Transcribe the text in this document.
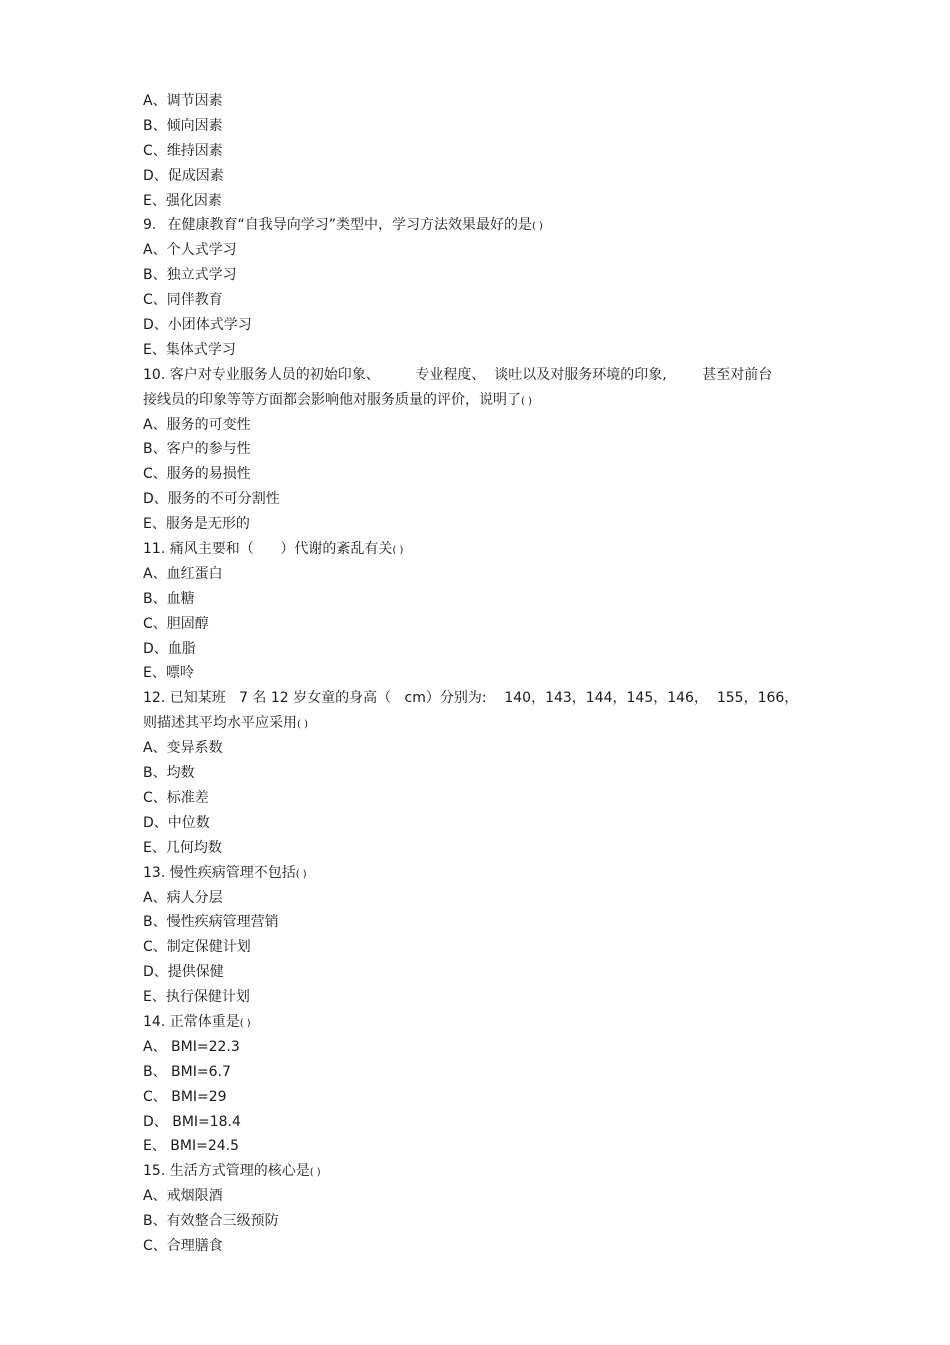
A、调节因素
B、倾向因素
C、维持因素
D、促成因素
E、强化因素
9. 在健康教育“自我导向学习”类型中，学习方法效果最好的是( )
A、个人式学习
B、独立式学习
C、同伴教育
D、小团体式学习
E、集体式学习
10. 客户对专业服务人员的初始印象、        专业程度、  谈吐以及对服务环境的印象,        甚至对前台
接线员的印象等等方面都会影响他对服务质量的评价，说明了( )
A、服务的可变性
B、客户的参与性
C、服务的易损性
D、服务的不可分割性
E、服务是无形的
11. 痛风主要和（      ）代谢的紊乱有关( )
A、血红蛋白
B、血糖
C、胆固醇
D、血脂
E、嘌呤
12. 已知某班   7 名 12 岁女童的身高（   cm）分别为:    140，143，144，145，146，  155，166，
则描述其平均水平应采用( )
A、变异系数
B、均数
C、标准差
D、中位数
E、几何均数
13. 慢性疾病管理不包括( )
A、病人分层
B、慢性疾病管理营销
C、制定保健计划
D、提供保健
E、执行保健计划
14. 正常体重是( )
A、 BMI=22.3
B、 BMI=6.7
C、 BMI=29
D、 BMI=18.4
E、 BMI=24.5
15. 生活方式管理的核心是( )
A、戒烟限酒
B、有效整合三级预防
C、合理膳食
